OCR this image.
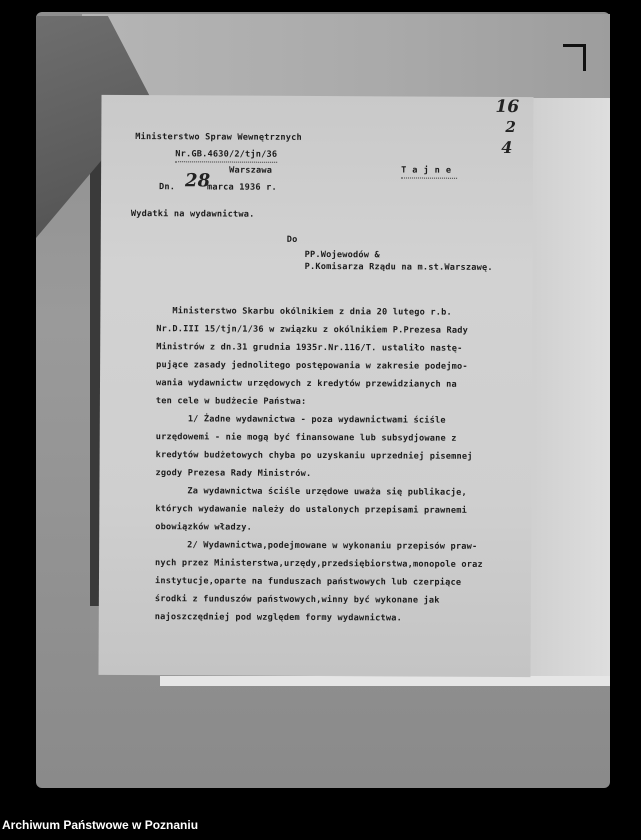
Ministerstwo Spraw Wewnętrznych
Nr.GB.4630/2/tjn/36
Warszawa
Dn. 28
marca 1936 r.
Tajne
16
2
4
Wydatki na wydawnictwa.
Do
PP.Wojewodów &
P.Komisarza Rządu na m.st.Warszawę.
Ministerstwo Skarbu okólnikiem z dnia 20 lutego r.b.
Nr.D.III 15/tjn/1/36 w związku z okólnikiem P.Prezesa Rady
Ministrów z dn.31 grudnia 1935r.Nr.116/T. ustaliło nastę-
pujące zasady jednolitego postępowania w zakresie podejmo-
wania wydawnictw urzędowych z kredytów przewidzianych na
ten cele w budżecie Państwa:
1/ Żadne wydawnictwa - poza wydawnictwami ściśle
urzędowemi - nie mogą być finansowane lub subsydjowane z
kredytów budżetowych chyba po uzyskaniu uprzedniej pisemnej
zgody Prezesa Rady Ministrów.
Za wydawnictwa ściśle urzędowe uważa się publikacje,
których wydawanie należy do ustalonych przepisami prawnemi
obowiązków władzy.
2/ Wydawnictwa,podejmowane w wykonaniu przepisów praw-
nych przez Ministerstwa,urzędy,przedsiębiorstwa,monopole oraz
instytucje,oparte na funduszach państwowych lub czerpiące
środki z funduszów państwowych,winny być wykonane jak
najoszczędniej pod względem formy wydawnictwa.
Archiwum Państwowe w Poznaniu
